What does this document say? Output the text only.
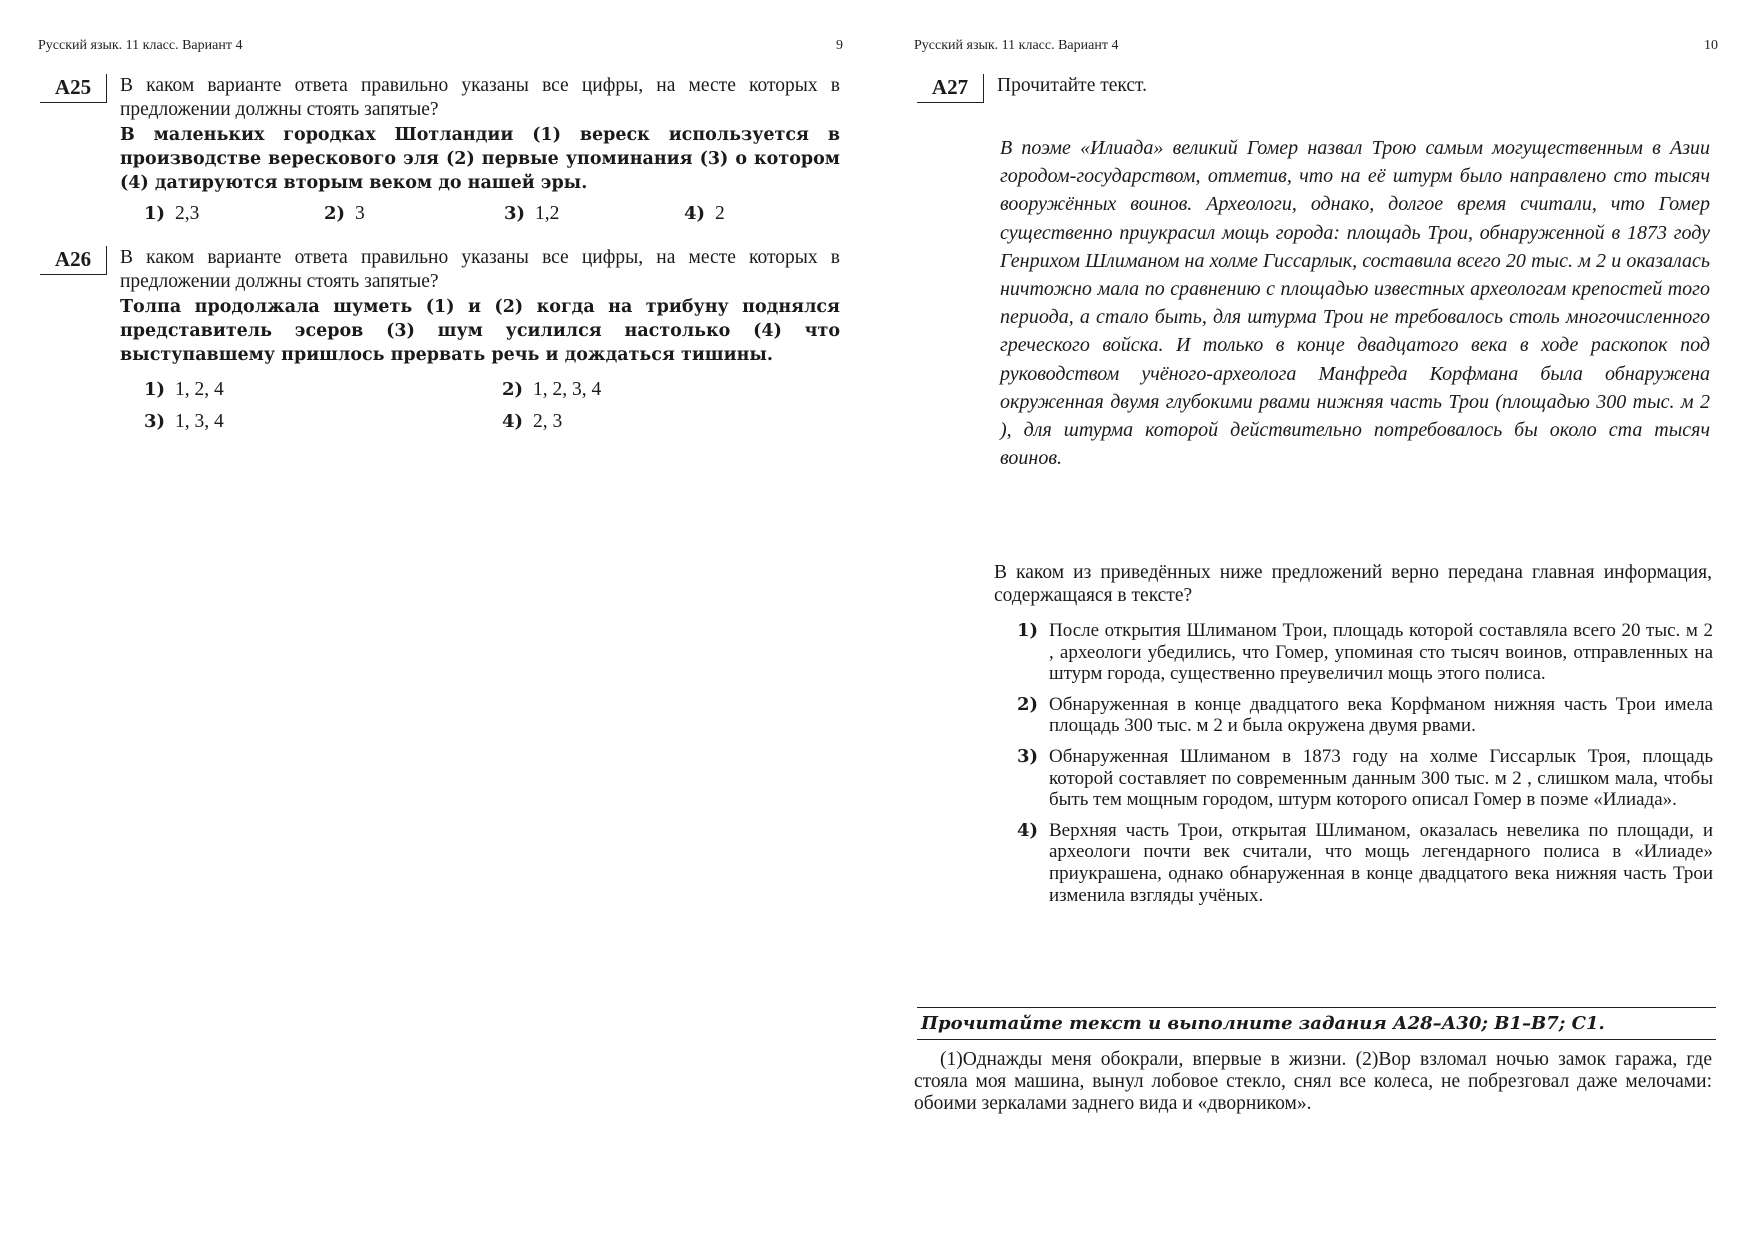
Русский язык. 11 класс. Вариант 4	9
A25	В каком варианте ответа правильно указаны все цифры, на месте которых в предложении должны стоять запятые?
В маленьких городках Шотландии (1) вереск используется в производстве верескового эля (2) первые упоминания (3) о котором (4) датируются вторым веком до нашей эры.
1) 2,3	2) 3	3) 1,2	4) 2
A26	В каком варианте ответа правильно указаны все цифры, на месте которых в предложении должны стоять запятые?
Толпа продолжала шуметь (1) и (2) когда на трибуну поднялся представитель эсеров (3) шум усилился настолько (4) что выступавшему пришлось прервать речь и дождаться тишины.
1) 1, 2, 4	2) 1, 2, 3, 4
3) 1, 3, 4	4) 2, 3
Русский язык. 11 класс. Вариант 4	10
A27	Прочитайте текст.
В поэме «Илиада» великий Гомер назвал Трою самым могущественным в Азии городом-государством, отметив, что на её штурм было направлено сто тысяч вооружённых воинов. Археологи, однако, долгое время считали, что Гомер существенно приукрасил мощь города: площадь Трои, обнаруженной в 1873 году Генрихом Шлиманом на холме Гиссарлык, составила всего 20 тыс. м 2 и оказалась ничтожно мала по сравнению с площадью известных археологам крепостей того периода, а стало быть, для штурма Трои не требовалось столь многочисленного греческого войска. И только в конце двадцатого века в ходе раскопок под руководством учёного-археолога Манфреда Корфмана была обнаружена окруженная двумя глубокими рвами нижняя часть Трои (площадью 300 тыс. м 2 ), для штурма которой действительно потребовалось бы около ста тысяч воинов.
В каком из приведённых ниже предложений верно передана главная информация, содержащаяся в тексте?
1) После открытия Шлиманом Трои, площадь которой составляла всего 20 тыс. м 2 , археологи убедились, что Гомер, упоминая сто тысяч воинов, отправленных на штурм города, существенно преувеличил мощь этого полиса.
2) Обнаруженная в конце двадцатого века Корфманом нижняя часть Трои имела площадь 300 тыс. м 2 и была окружена двумя рвами.
3) Обнаруженная Шлиманом в 1873 году на холме Гиссарлык Троя, площадь которой составляет по современным данным 300 тыс. м 2 , слишком мала, чтобы быть тем мощным городом, штурм которого описал Гомер в поэме «Илиада».
4) Верхняя часть Трои, открытая Шлиманом, оказалась невелика по площади, и археологи почти век считали, что мощь легендарного полиса в «Илиаде» приукрашена, однако обнаруженная в конце двадцатого века нижняя часть Трои изменила взгляды учёных.
Прочитайте текст и выполните задания А28–А30; В1–В7; С1.
(1)Однажды меня обокрали, впервые в жизни. (2)Вор взломал ночью замок гаража, где стояла моя машина, вынул лобовое стекло, снял все колеса, не побрезговал даже мелочами: обоими зеркалами заднего вида и «дворником».
